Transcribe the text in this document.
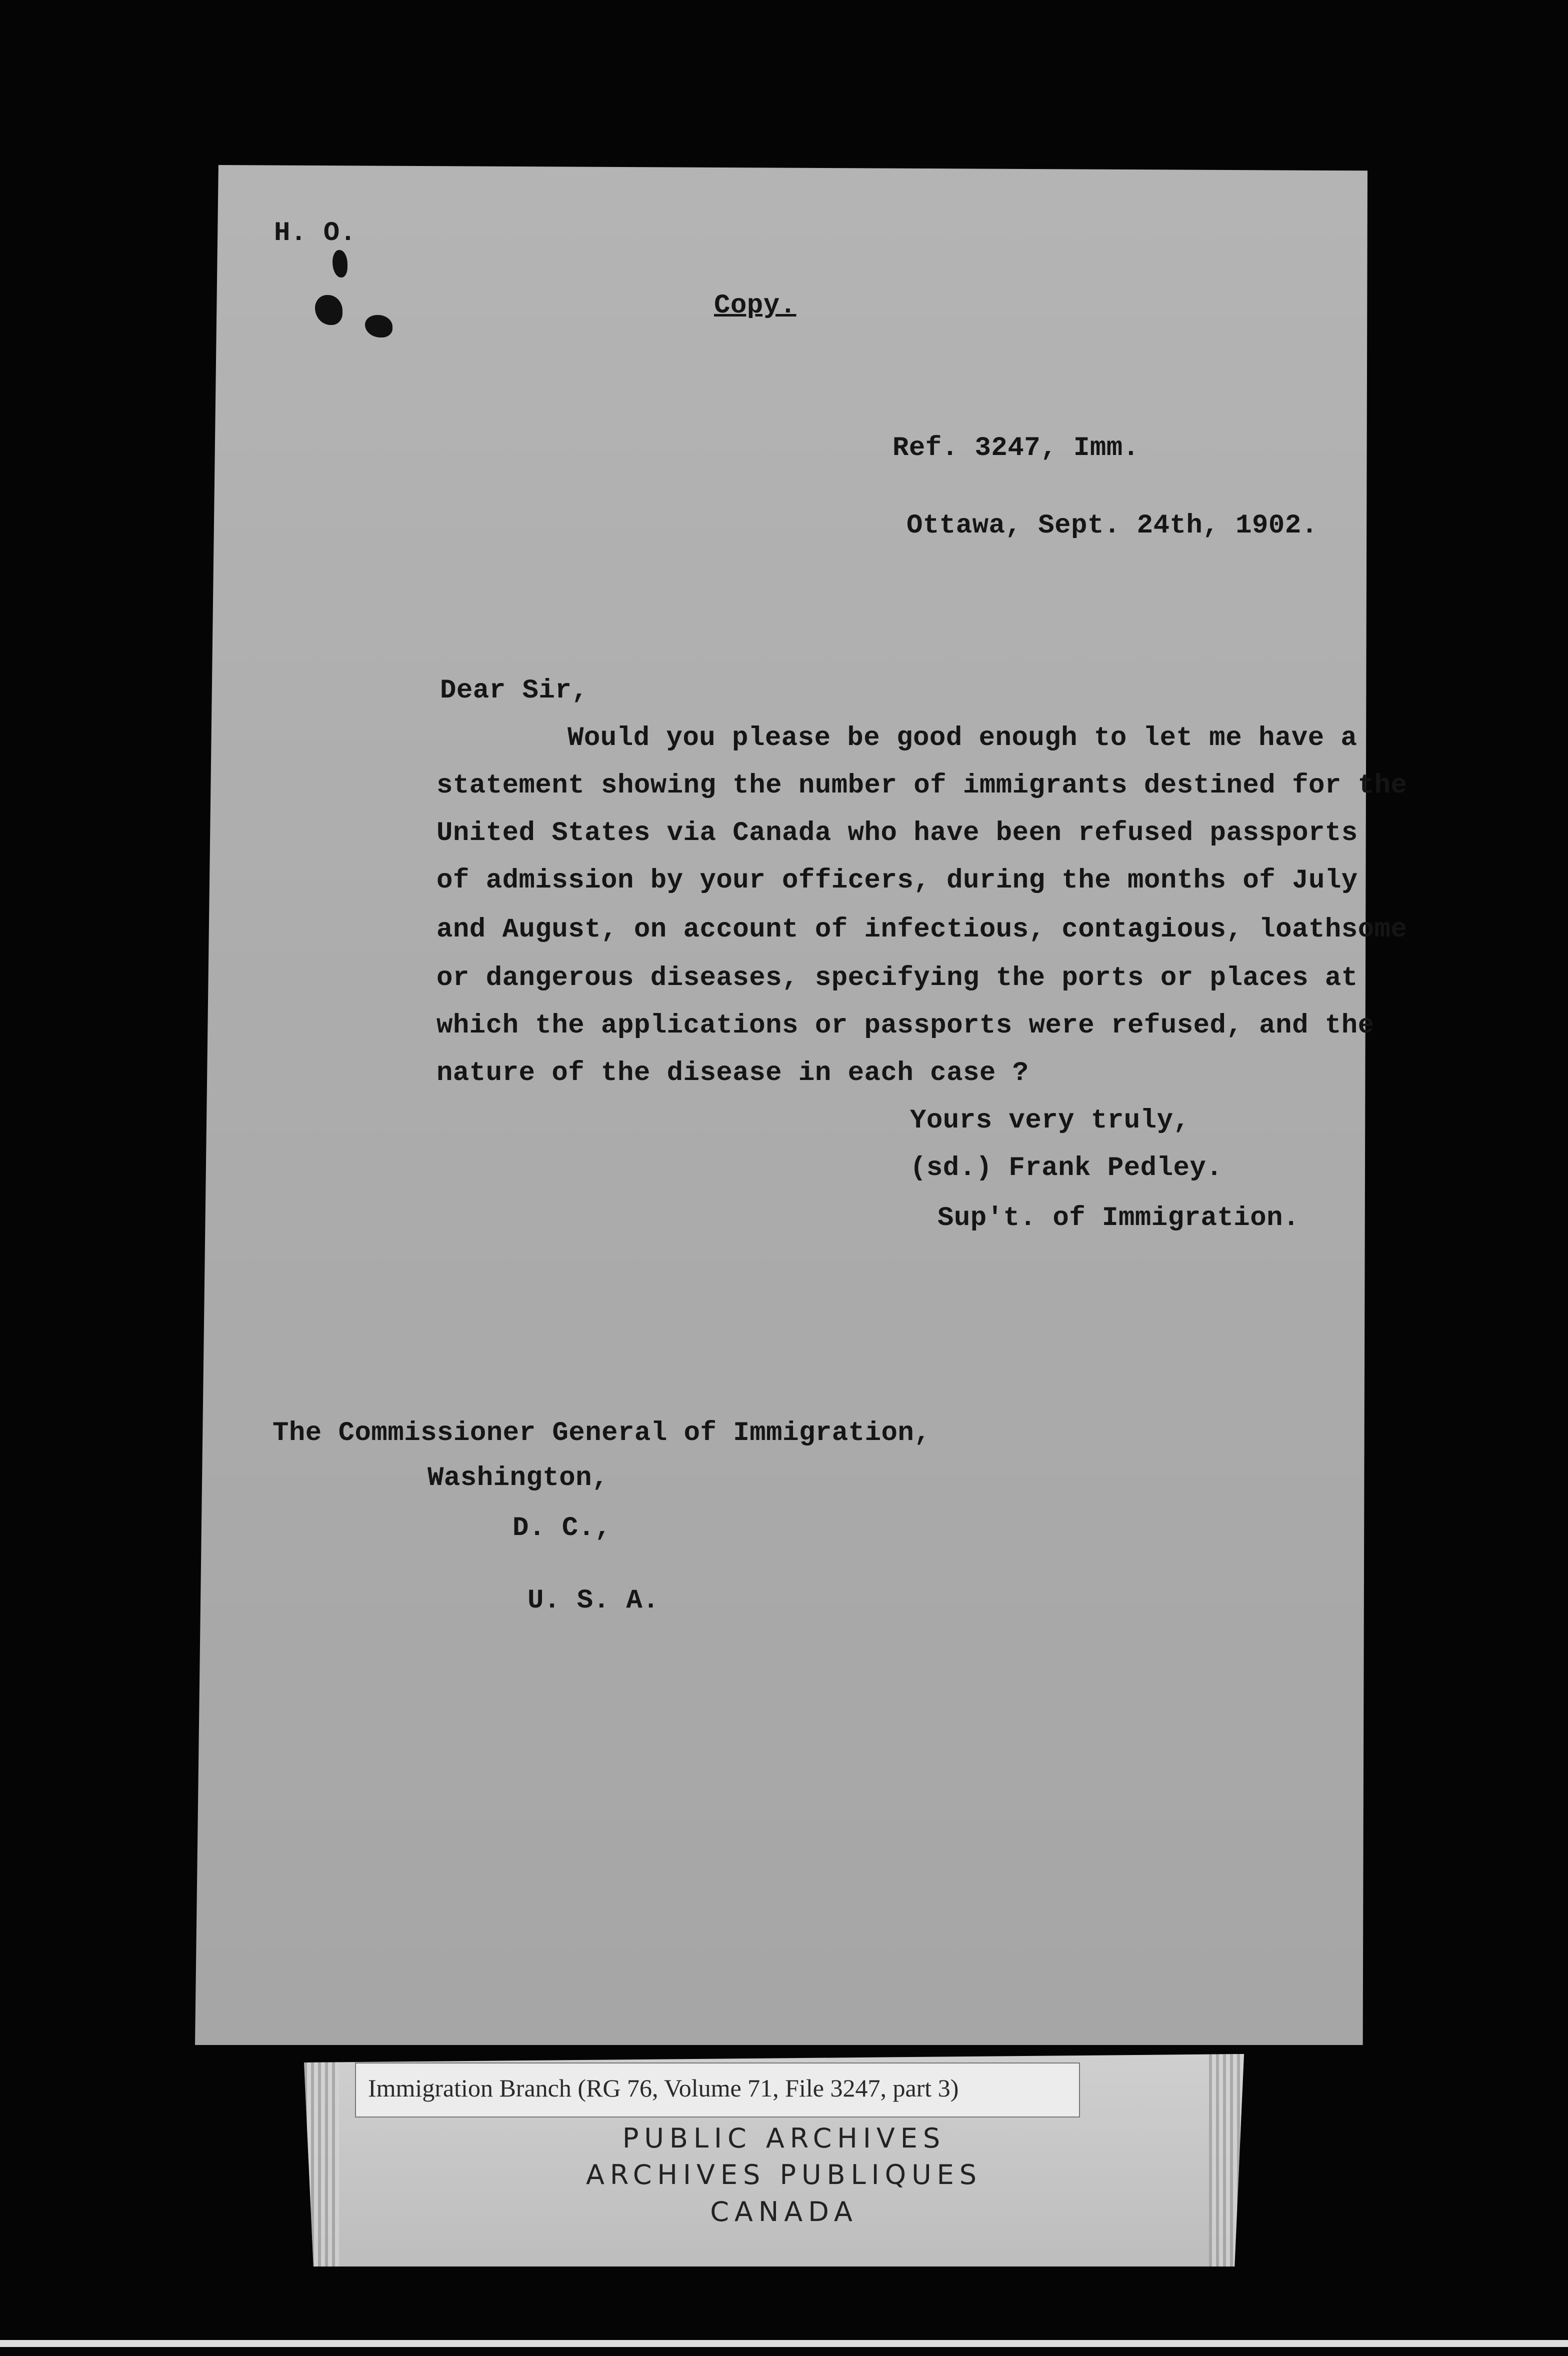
H. O.
Copy.
Ref. 3247, Imm.
Ottawa, Sept. 24th, 1902.
Dear Sir,
Would you please be good enough to let me have a
statement showing the number of immigrants destined for the
United States via Canada who have been refused passports
of admission by your officers, during the months of July
and August, on account of infectious, contagious, loathsome
or dangerous diseases, specifying the ports or places at
which the applications or passports were refused, and the
nature of the disease in each case ?
Yours very truly,
(sd.) Frank Pedley.
Sup't. of Immigration.
The Commissioner General of Immigration,
Washington,
D. C.,
U. S. A.
Immigration Branch (RG 76, Volume 71, File 3247, part 3)
PUBLIC ARCHIVES
ARCHIVES PUBLIQUES
CANADA
